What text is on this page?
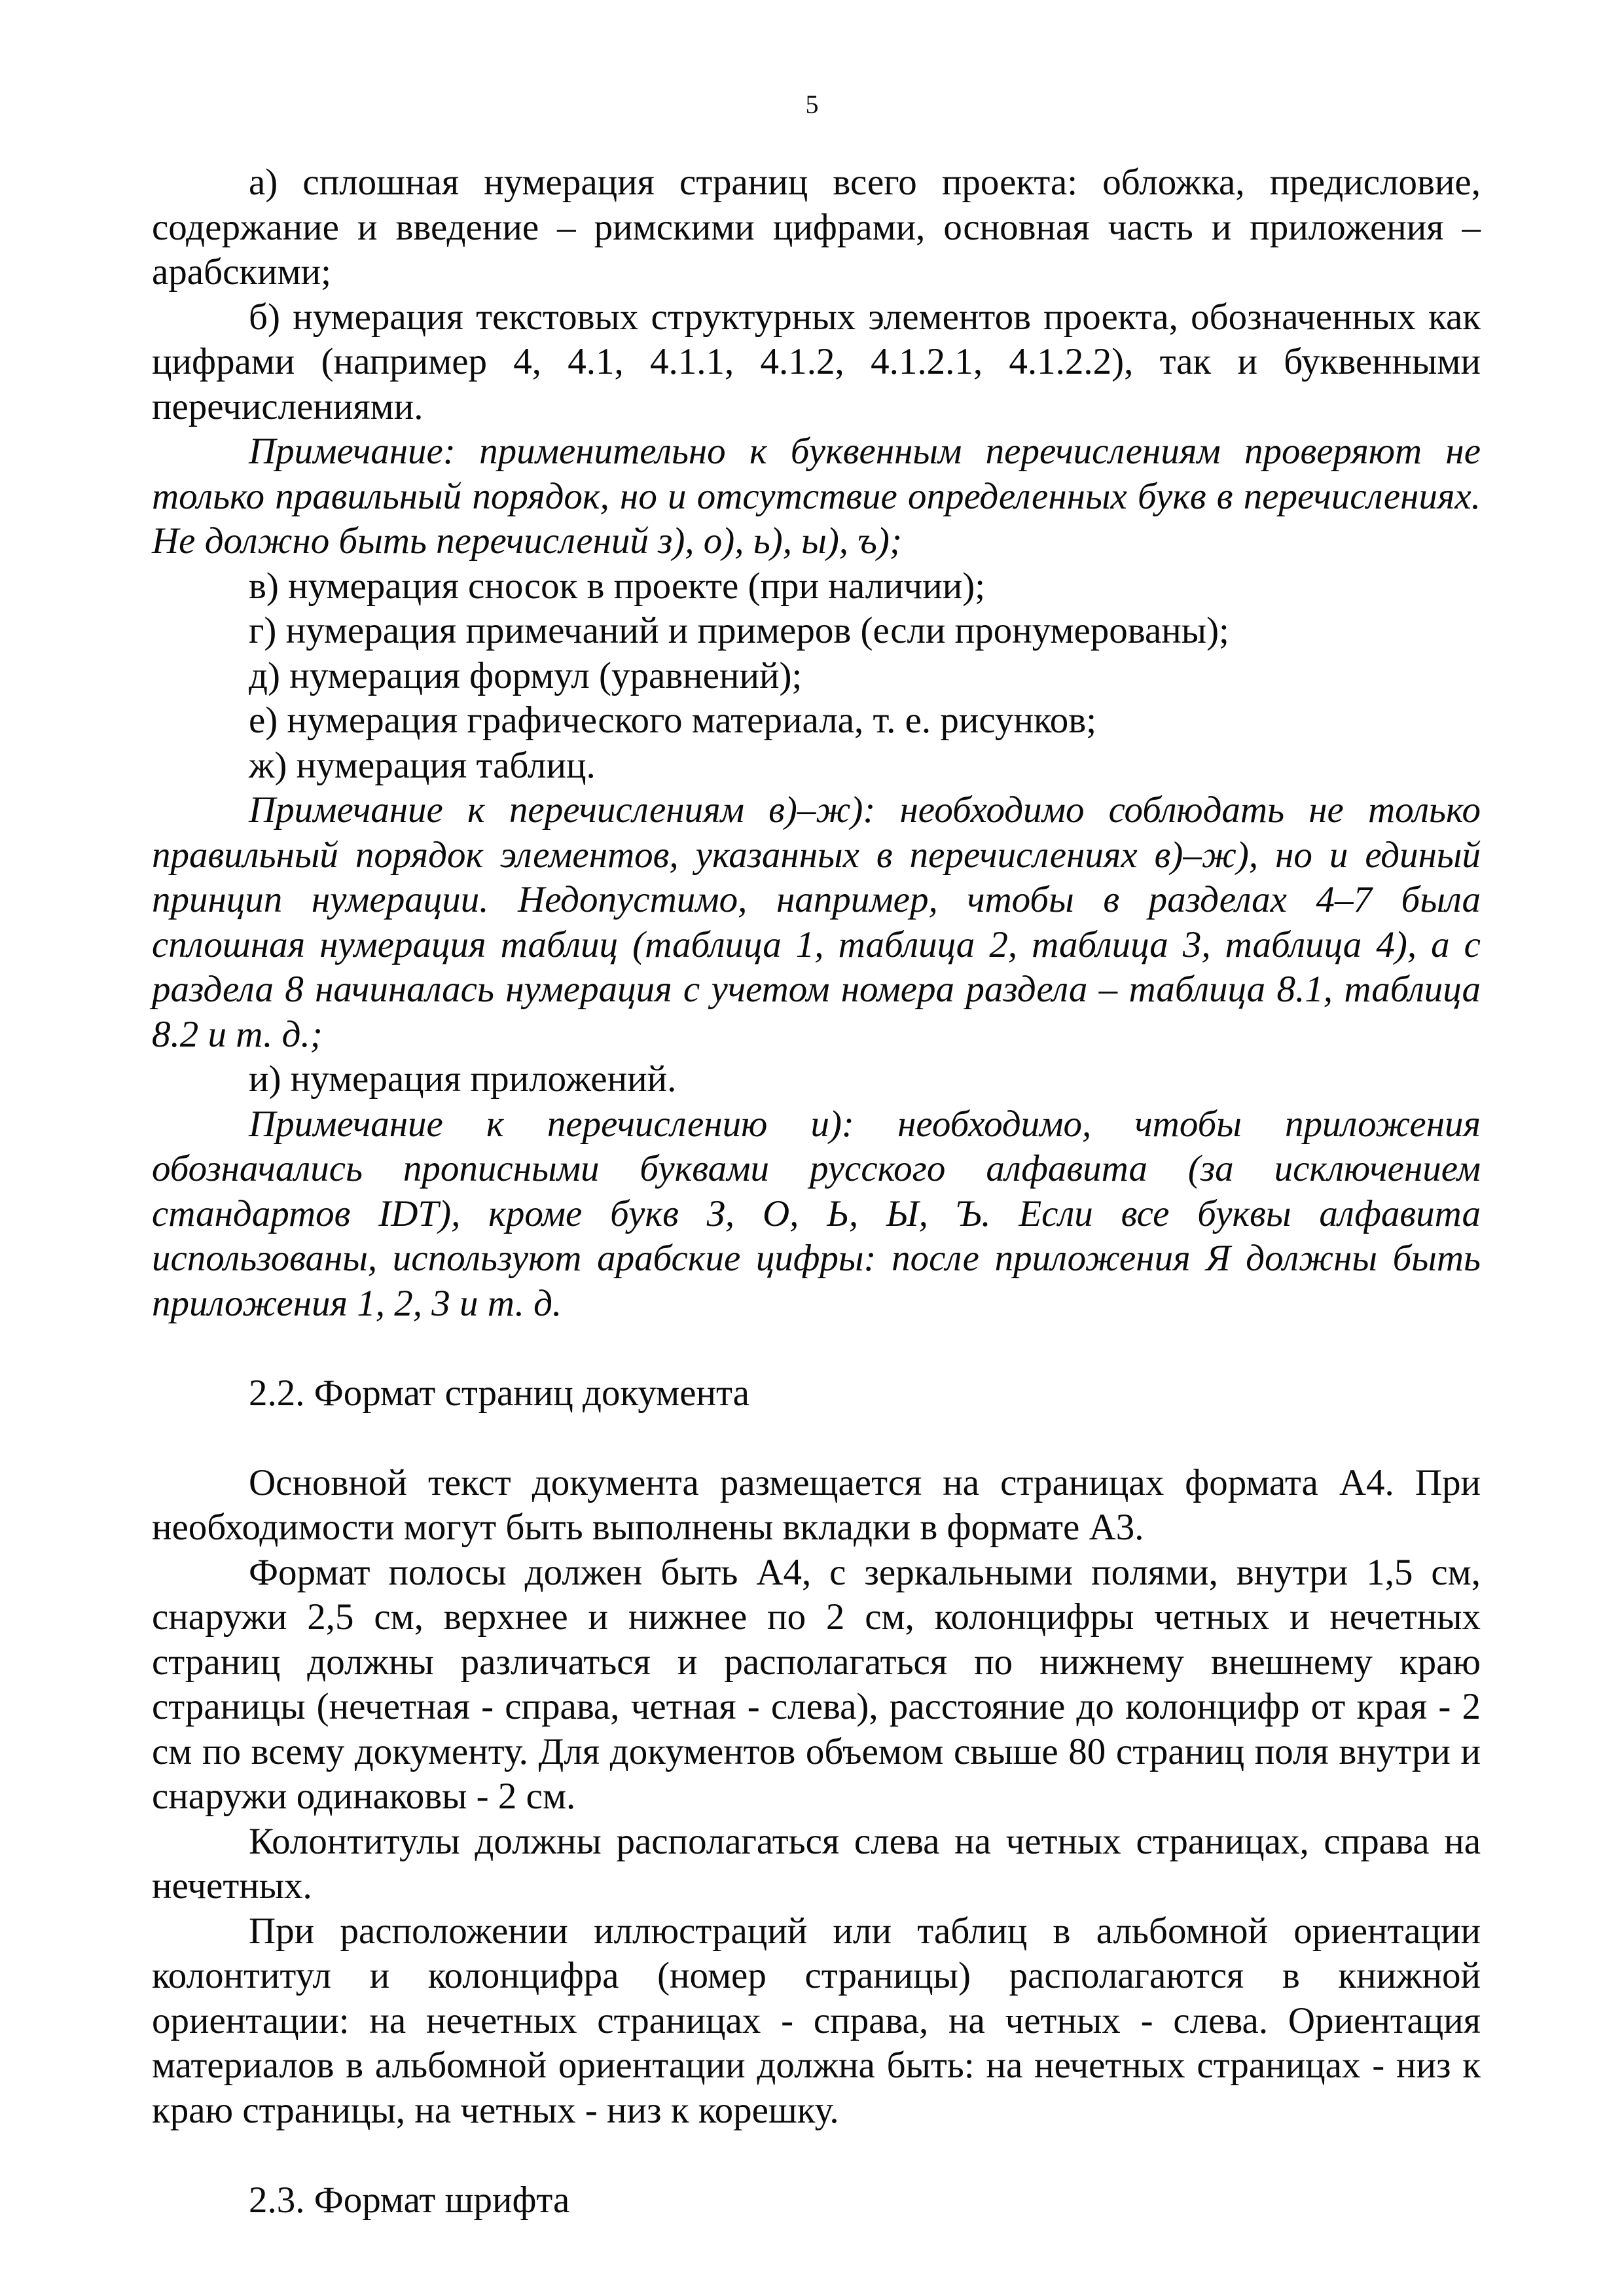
5

а) сплошная нумерация страниц всего проекта: обложка, предисловие, содержание и введение – римскими цифрами, основная часть и приложения – арабскими;

б) нумерация текстовых структурных элементов проекта, обозначенных как цифрами (например 4, 4.1, 4.1.1, 4.1.2, 4.1.2.1, 4.1.2.2), так и буквенными перечислениями.

Примечание: применительно к буквенным перечислениям проверяют не только правильный порядок, но и отсутствие определенных букв в перечислениях. Не должно быть перечислений з), о), ь), ы), ъ);

в) нумерация сносок в проекте (при наличии);

г) нумерация примечаний и примеров (если пронумерованы);

д) нумерация формул (уравнений);

е) нумерация графического материала, т. е. рисунков;

ж) нумерация таблиц.

Примечание к перечислениям в)–ж): необходимо соблюдать не только правильный порядок элементов, указанных в перечислениях в)–ж), но и единый принцип нумерации. Недопустимо, например, чтобы в разделах 4–7 была сплошная нумерация таблиц (таблица 1, таблица 2, таблица 3, таблица 4), а с раздела 8 начиналась нумерация с учетом номера раздела – таблица 8.1, таблица 8.2 и т. д.;

и) нумерация приложений.

Примечание к перечислению и): необходимо, чтобы приложения обозначались прописными буквами русского алфавита (за исключением стандартов IDT), кроме букв З, О, Ь, Ы, Ъ. Если все буквы алфавита использованы, используют арабские цифры: после приложения Я должны быть приложения 1, 2, 3 и т. д.

2.2. Формат страниц документа

Основной текст документа размещается на страницах формата А4. При необходимости могут быть выполнены вкладки в формате А3.

Формат полосы должен быть А4, с зеркальными полями, внутри 1,5 см, снаружи 2,5 см, верхнее и нижнее по 2 см, колонцифры четных и нечетных страниц должны различаться и располагаться по нижнему внешнему краю страницы (нечетная - справа, четная - слева), расстояние до колонцифр от края - 2 см по всему документу. Для документов объемом свыше 80 страниц поля внутри и снаружи одинаковы - 2 см.

Колонтитулы должны располагаться слева на четных страницах, справа на нечетных.

При расположении иллюстраций или таблиц в альбомной ориентации колонтитул и колонцифра (номер страницы) располагаются в книжной ориентации: на нечетных страницах - справа, на четных - слева. Ориентация материалов в альбомной ориентации должна быть: на нечетных страницах - низ к краю страницы, на четных - низ к корешку.

2.3. Формат шрифта
